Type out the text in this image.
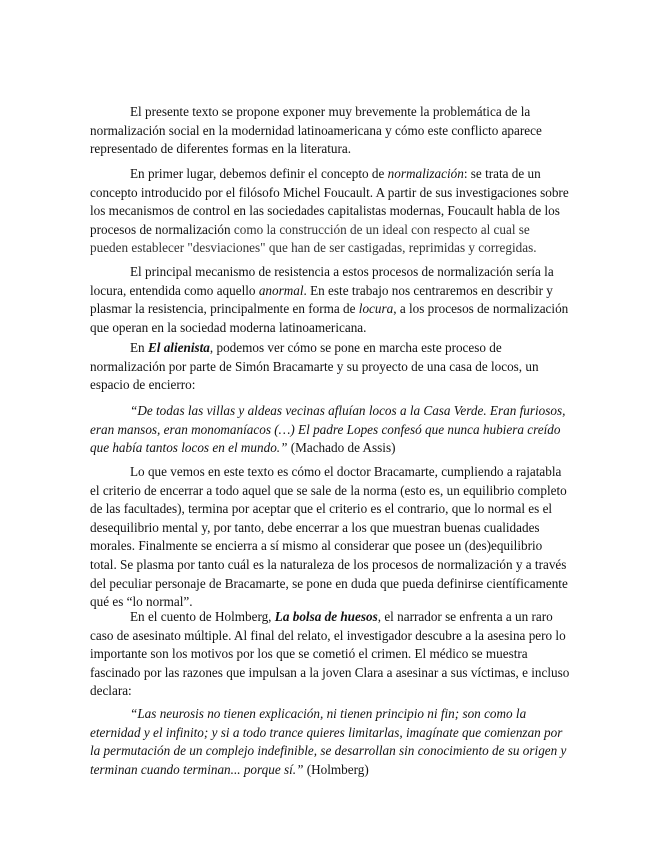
El presente texto se propone exponer muy brevemente la problemática de la normalización social en la modernidad latinoamericana y cómo este conflicto aparece representado de diferentes formas en la literatura.

En primer lugar, debemos definir el concepto de normalización: se trata de un concepto introducido por el filósofo Michel Foucault. A partir de sus investigaciones sobre los mecanismos de control en las sociedades capitalistas modernas, Foucault habla de los procesos de normalización como la construcción de un ideal con respecto al cual se pueden establecer "desviaciones" que han de ser castigadas, reprimidas y corregidas.

El principal mecanismo de resistencia a estos procesos de normalización sería la locura, entendida como aquello anormal. En este trabajo nos centraremos en describir y plasmar la resistencia, principalmente en forma de locura, a los procesos de normalización que operan en la sociedad moderna latinoamericana.

En El alienista, podemos ver cómo se pone en marcha este proceso de normalización por parte de Simón Bracamarte y su proyecto de una casa de locos, un espacio de encierro:

“De todas las villas y aldeas vecinas afluían locos a la Casa Verde. Eran furiosos, eran mansos, eran monomaníacos (…) El padre Lopes confesó que nunca hubiera creído que había tantos locos en el mundo.” (Machado de Assis)

Lo que vemos en este texto es cómo el doctor Bracamarte, cumpliendo a rajatabla el criterio de encerrar a todo aquel que se sale de la norma (esto es, un equilibrio completo de las facultades), termina por aceptar que el criterio es el contrario, que lo normal es el desequilibrio mental y, por tanto, debe encerrar a los que muestran buenas cualidades morales. Finalmente se encierra a sí mismo al considerar que posee un (des)equilibrio total. Se plasma por tanto cuál es la naturaleza de los procesos de normalización y a través del peculiar personaje de Bracamarte, se pone en duda que pueda definirse científicamente qué es “lo normal”.

En el cuento de Holmberg, La bolsa de huesos, el narrador se enfrenta a un raro caso de asesinato múltiple. Al final del relato, el investigador descubre a la asesina pero lo importante son los motivos por los que se cometió el crimen. El médico se muestra fascinado por las razones que impulsan a la joven Clara a asesinar a sus víctimas, e incluso declara:

“Las neurosis no tienen explicación, ni tienen principio ni fin; son como la eternidad y el infinito; y si a todo trance quieres limitarlas, imagínate que comienzan por la permutación de un complejo indefinible, se desarrollan sin conocimiento de su origen y terminan cuando terminan... porque sí.” (Holmberg)
